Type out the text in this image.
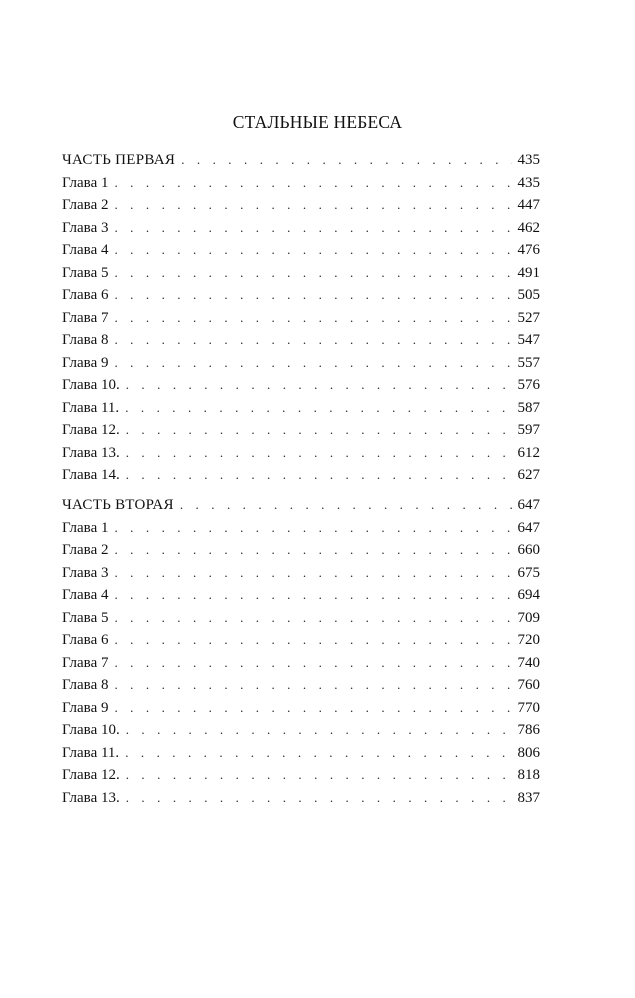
СТАЛЬНЫЕ НЕБЕСА
ЧАСТЬ ПЕРВАЯ . . .	435
Глава 1 . . .	435
Глава 2 . . .	447
Глава 3 . . .	462
Глава 4 . . .	476
Глава 5 . . .	491
Глава 6 . . .	505
Глава 7 . . .	527
Глава 8 . . .	547
Глава 9 . . .	557
Глава 10. . . .	576
Глава 11. . . .	587
Глава 12. . . .	597
Глава 13. . . .	612
Глава 14. . . .	627
ЧАСТЬ ВТОРАЯ . . .	647
Глава 1 . . .	647
Глава 2 . . .	660
Глава 3 . . .	675
Глава 4 . . .	694
Глава 5 . . .	709
Глава 6 . . .	720
Глава 7 . . .	740
Глава 8 . . .	760
Глава 9 . . .	770
Глава 10. . . .	786
Глава 11. . . .	806
Глава 12. . . .	818
Глава 13. . . .	837
